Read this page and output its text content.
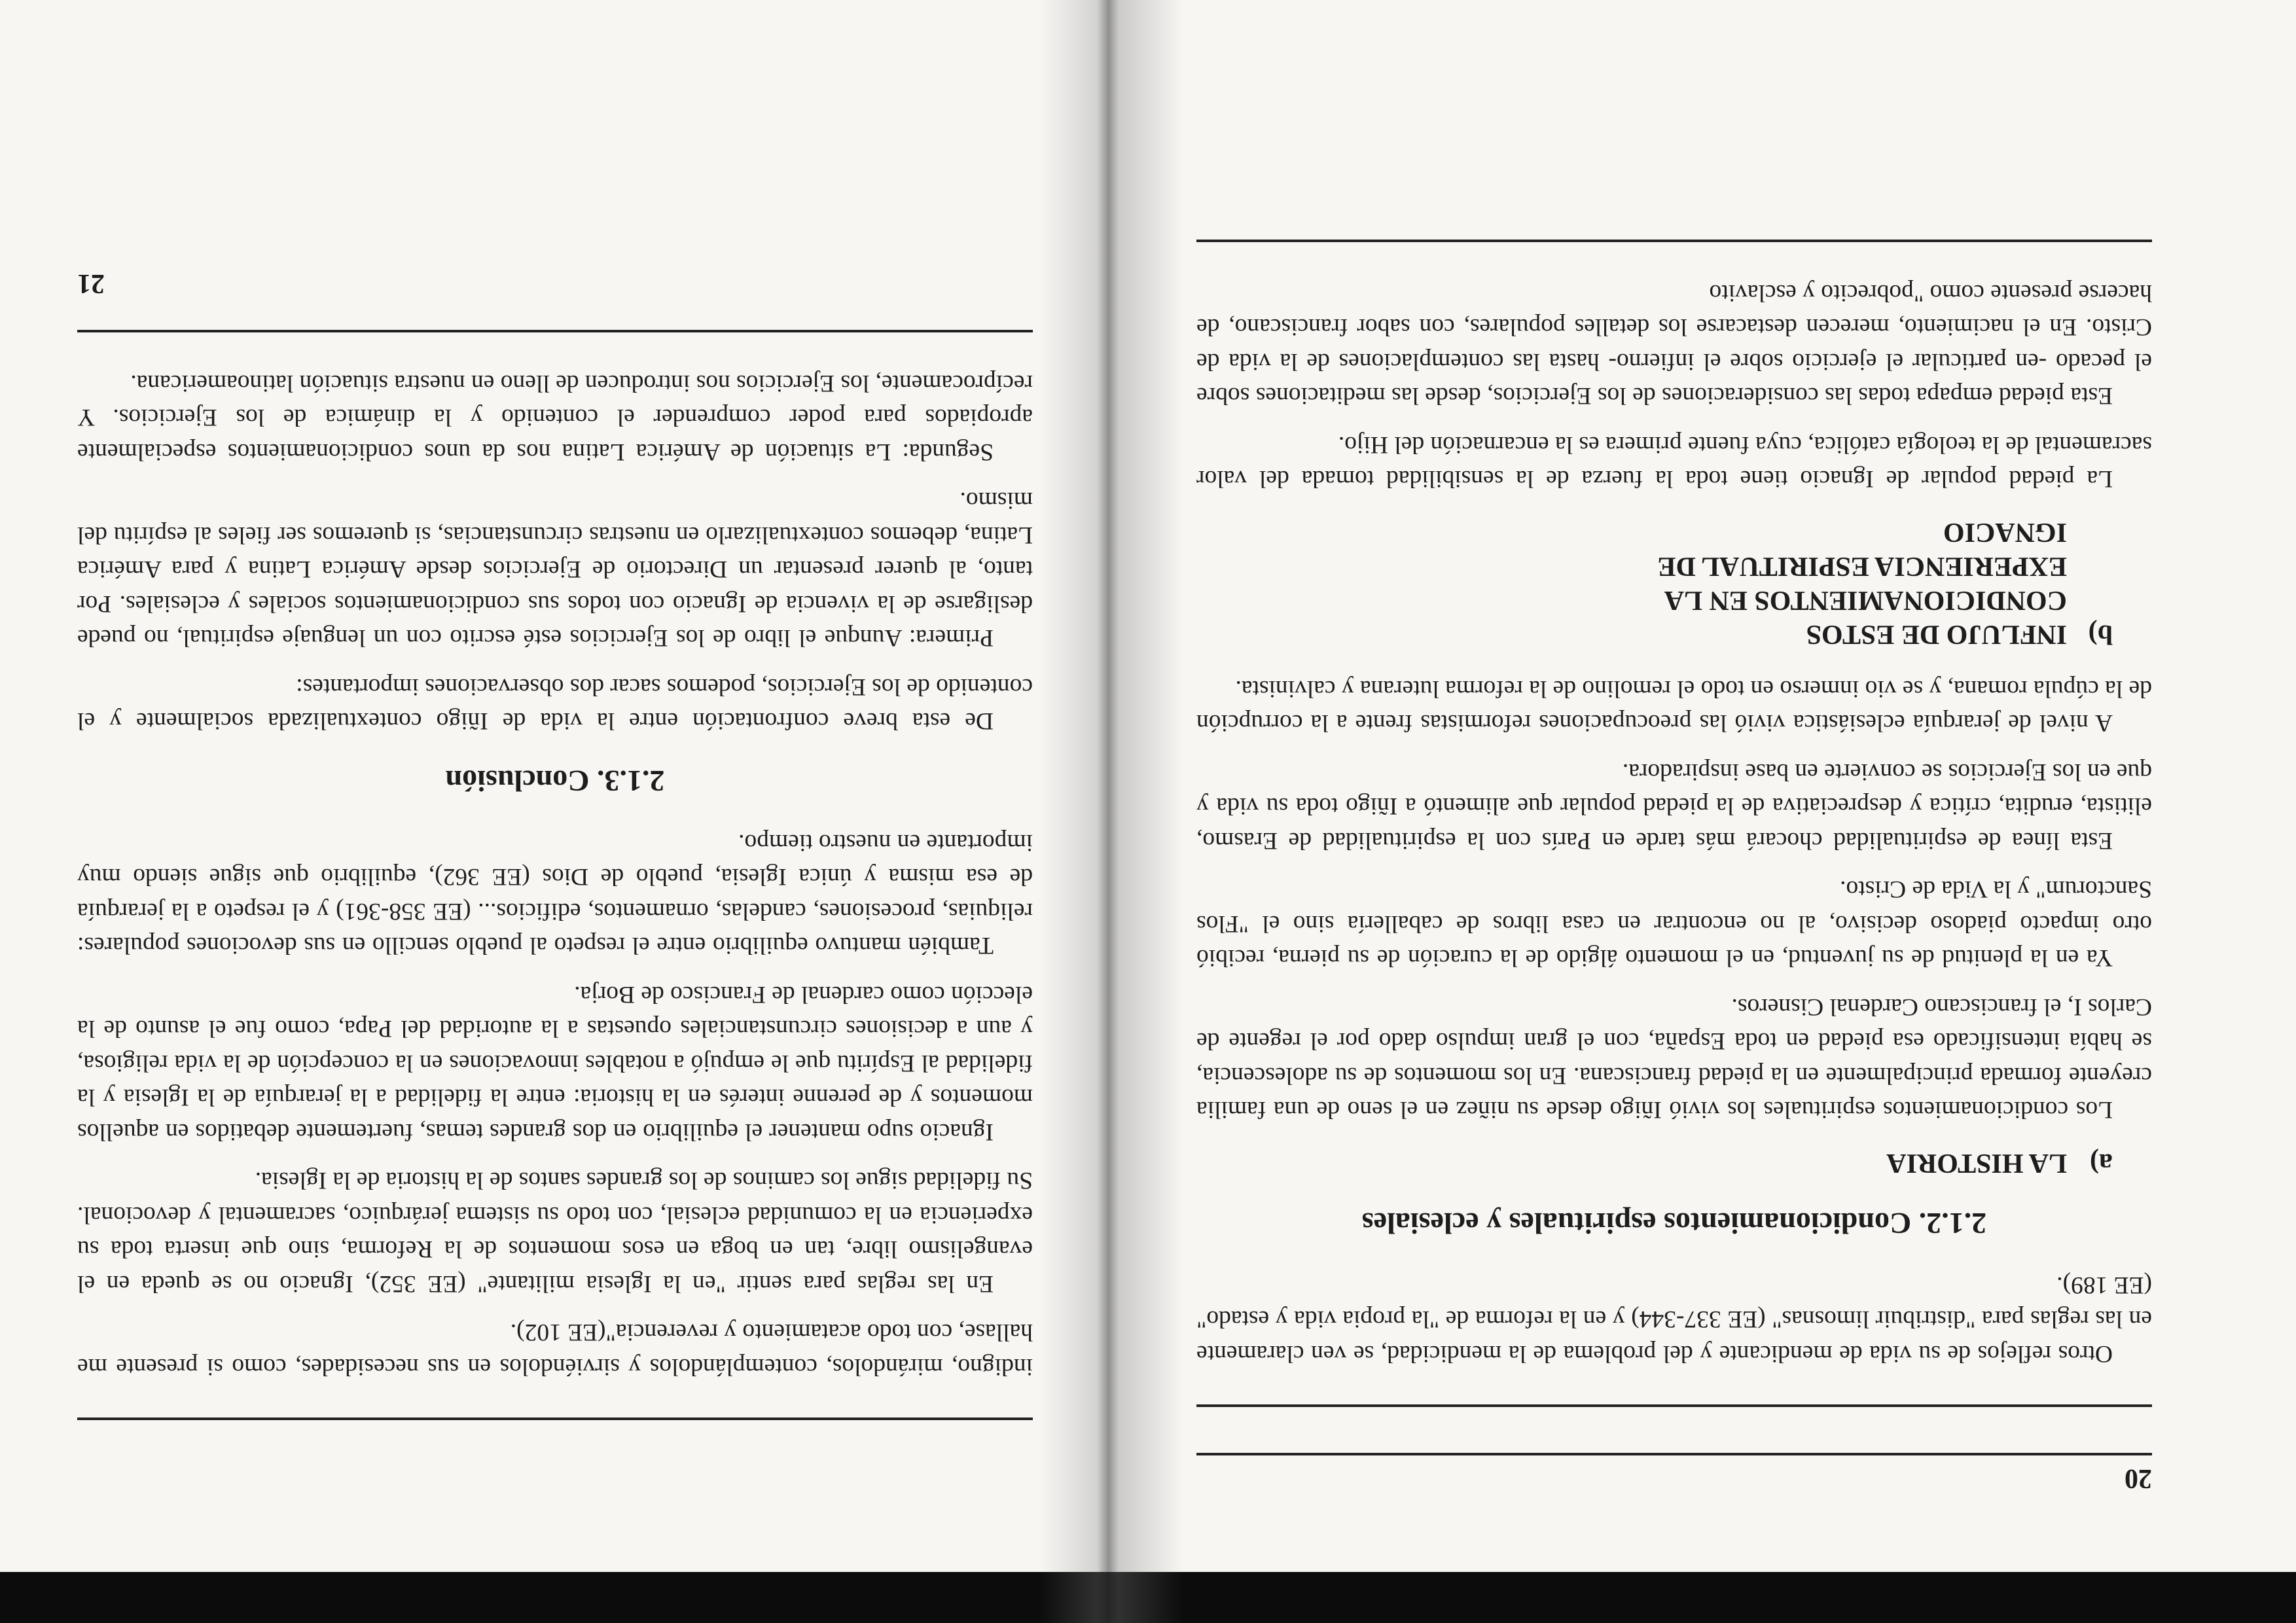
20

Otros reflejos de su vida de mendicante y del problema de la mendicidad, se ven claramente en las reglas para "distribuir limosnas" (EE 337-344) y en la reforma de "la propia vida y estado" (EE 189).

2.1.2. Condicionamientos espirituales y eclesiales
a)LA HISTORIA

Los condicionamientos espirituales los vivió Iñigo desde su niñez en el seno de una familia creyente formada principalmente en la piedad franciscana. En los momentos de su adolescencia, se había intensificado esa piedad en toda España, con el gran impulso dado por el regente de Carlos I, el franciscano Cardenal Cisneros.

Ya en la plenitud de su juventud, en el momento álgido de la curación de su pierna, recibió otro impacto piadoso decisivo, al no encontrar en casa libros de caballería sino el "Flos Sanctorum" y la Vida de Cristo.

Esta línea de espiritualidad chocará más tarde en París con la espiritualidad de Erasmo, elitista, erudita, crítica y despreciativa de la piedad popular que alimentó a Iñigo toda su vida y que en los Ejercicios se convierte en base inspiradora.

A nivel de jerarquía eclesiástica vivió las preocupaciones reformistas frente a la corrupción de la cúpula romana, y se vio inmerso en todo el remolino de la reforma luterana y calvinista.

b)INFLUJO DE ESTOS CONDICIONAMIENTOS EN LA EXPERIENCIA ESPIRITUAL DE IGNACIO

La piedad popular de Ignacio tiene toda la fuerza de la sensibilidad tomada del valor sacramental de la teología católica, cuya fuente primera es la encarnación del Hijo.

Esta piedad empapa todas las consideraciones de los Ejercicios, desde las meditaciones sobre el pecado -en particular el ejercicio sobre el infierno- hasta las contemplaciones de la vida de Cristo. En el nacimiento, merecen destacarse los detalles populares, con sabor franciscano, de hacerse presente como "pobrecito y esclavito

indigno, mirándolos, contemplándolos y sirviéndolos en sus necesidades, como si presente me hallase, con todo acatamiento y reverencia"(EE 102).

En las reglas para sentir "en la Iglesia militante" (EE 352), Ignacio no se queda en el evangelismo libre, tan en boga en esos momentos de la Reforma, sino que inserta toda su experiencia en la comunidad eclesial, con todo su sistema jerárquico, sacramental y devocional. Su fidelidad sigue los caminos de los grandes santos de la historia de la Iglesia.

Ignacio supo mantener el equilibrio en dos grandes temas, fuertemente debatidos en aquellos momentos y de perenne interés en la historia: entre la fidelidad a la jerarquía de la Iglesia y la fidelidad al Espíritu que le empujó a notables innovaciones en la concepción de la vida religiosa, y aun a decisiones circunstanciales opuestas a la autoridad del Papa, como fue el asunto de la elección como cardenal de Francisco de Borja.

También mantuvo equilibrio entre el respeto al pueblo sencillo en sus devociones populares: reliquias, procesiones, candelas, ornamentos, edificios... (EE 358-361) y el respeto a la jerarquía de esa misma y única Iglesia, pueblo de Dios (EE 362), equilibrio que sigue siendo muy importante en nuestro tiempo.

2.1.3. Conclusión

De esta breve confrontación entre la vida de Iñigo contextualizada socialmente y el contenido de los Ejercicios, podemos sacar dos observaciones importantes:

Primera: Aunque el libro de los Ejercicios esté escrito con un lenguaje espiritual, no puede desligarse de la vivencia de Ignacio con todos sus condicionamientos sociales y eclesiales. Por tanto, al querer presentar un Directorio de Ejercicios desde América Latina y para América Latina, debemos contextualizarlo en nuestras circunstancias, si queremos ser fieles al espíritu del mismo.

Segunda: La situación de América Latina nos da unos condicionamientos especialmente apropiados para poder comprender el contenido y la dinámica de los Ejercicios. Y recíprocamente, los Ejercicios nos introducen de lleno en nuestra situación latinoamericana.

21
